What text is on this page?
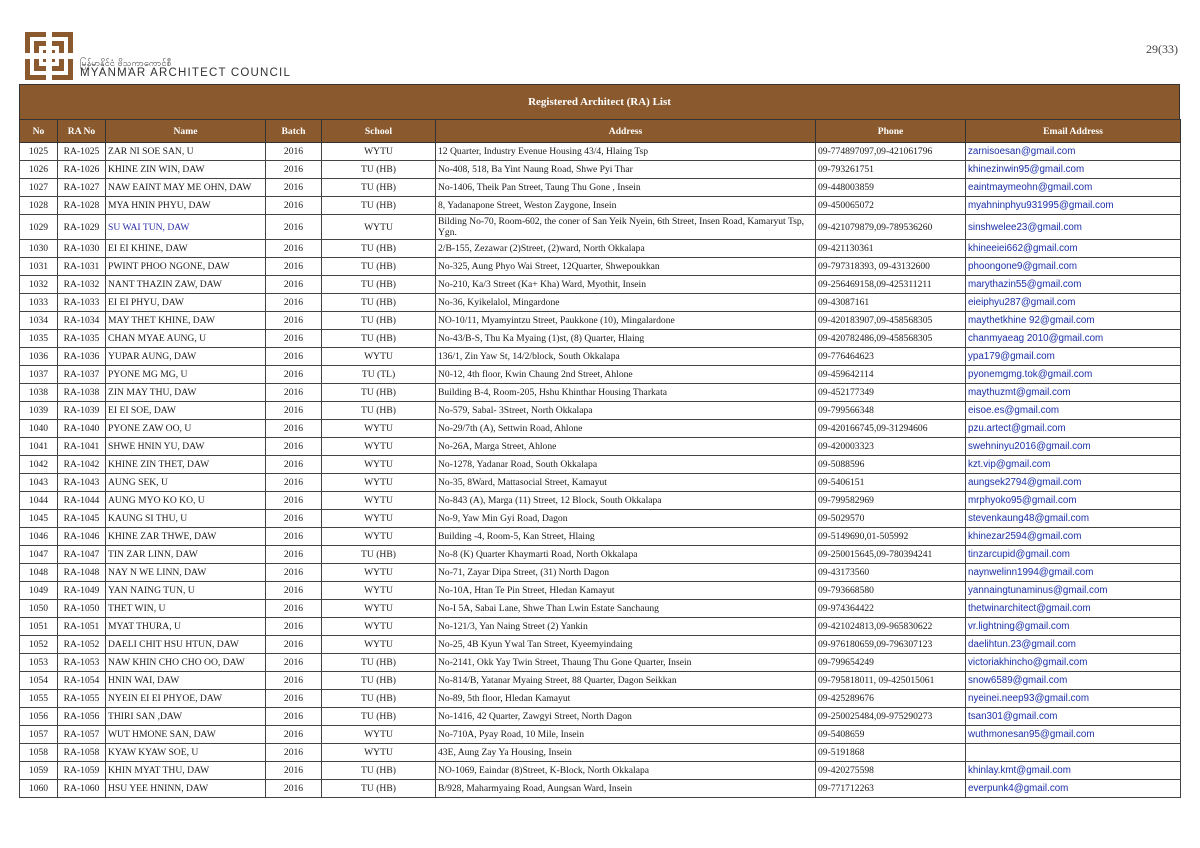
မြန်မာနိုင်ငံ ဗိသုကာကောင်စီ
MYANMAR ARCHITECT COUNCIL
29(33)
Registered Architect (RA) List
No	RA No	Name	Batch	School	Address	Phone	Email Address
1025	RA-1025	ZAR NI SOE SAN, U	2016	WYTU	12 Quarter, Industry Evenue Housing 43/4, Hlaing Tsp	09-774897097,09-421061796	zarnisoesan@gmail.com
1026	RA-1026	KHINE ZIN WIN, DAW	2016	TU (HB)	No-408, 518, Ba Yint Naung Road, Shwe Pyi Thar	09-793261751	khinezinwin95@gmail.com
1027	RA-1027	NAW EAINT MAY ME OHN, DAW	2016	TU (HB)	No-1406, Theik Pan Street, Taung Thu Gone , Insein	09-448003859	eaintmaymeohn@gmail.com
1028	RA-1028	MYA HNIN PHYU, DAW	2016	TU (HB)	8, Yadanapone Street, Weston Zaygone, Insein	09-450065072	myahninphyu931995@gmail.com
1029	RA-1029	SU WAI TUN, DAW	2016	WYTU	Bilding No-70, Room-602, the coner of San Yeik Nyein, 6th Street, Insen Road, Kamaryut Tsp, Ygn.	09-421079879,09-789536260	sinshwelee23@gmail.com
1030	RA-1030	EI EI KHINE, DAW	2016	TU (HB)	2/B-155, Zezawar (2)Street, (2)ward, North Okkalapa	09-421130361	khineeiei662@gmail.com
1031	RA-1031	PWINT PHOO NGONE, DAW	2016	TU (HB)	No-325, Aung Phyo Wai Street, 12Quarter, Shwepoukkan	09-797318393, 09-43132600	phoongone9@gmail.com
1032	RA-1032	NANT THAZIN ZAW, DAW	2016	TU (HB)	No-210, Ka/3 Street (Ka+ Kha) Ward, Myothit, Insein	09-256469158,09-425311211	marythazin55@gmail.com
1033	RA-1033	EI EI PHYU, DAW	2016	TU (HB)	No-36, Kyikelalol, Mingardone	09-43087161	eieiphyu287@gmail.com
1034	RA-1034	MAY THET KHINE, DAW	2016	TU (HB)	NO-10/11, Myamyintzu Street, Paukkone (10), Mingalardone	09-420183907,09-458568305	maythetkhine 92@gmail.com
1035	RA-1035	CHAN MYAE AUNG, U	2016	TU (HB)	No-43/B-S, Thu Ka Myaing (1)st, (8) Quarter, Hlaing	09-420782486,09-458568305	chanmyaeag 2010@gmail.com
1036	RA-1036	YUPAR AUNG, DAW	2016	WYTU	136/1, Zin Yaw St, 14/2/block, South Okkalapa	09-776464623	ypa179@gmail.com
1037	RA-1037	PYONE MG MG, U	2016	TU (TL)	N0-12, 4th floor, Kwin Chaung 2nd Street, Ahlone	09-459642114	pyonemgmg.tok@gmail.com
1038	RA-1038	ZIN MAY THU, DAW	2016	TU (HB)	Building B-4, Room-205, Hshu Khinthar Housing Tharkata	09-452177349	maythuzmt@gmail.com
1039	RA-1039	EI EI SOE, DAW	2016	TU (HB)	No-579, Sabal- 3Street, North Okkalapa	09-799566348	eisoe.es@gmail.com
1040	RA-1040	PYONE ZAW OO, U	2016	WYTU	No-29/7th (A), Settwin Road, Ahlone	09-420166745,09-31294606	pzu.artect@gmail.com
1041	RA-1041	SHWE HNIN YU, DAW	2016	WYTU	No-26A, Marga Street, Ahlone	09-420003323	swehninyu2016@gmail.com
1042	RA-1042	KHINE ZIN THET, DAW	2016	WYTU	No-1278, Yadanar Road, South Okkalapa	09-5088596	kzt.vip@gmail.com
1043	RA-1043	AUNG SEK, U	2016	WYTU	No-35, 8Ward, Mattasocial Street, Kamayut	09-5406151	aungsek2794@gmail.com
1044	RA-1044	AUNG MYO KO KO, U	2016	WYTU	No-843 (A), Marga (11) Street, 12 Block, South Okkalapa	09-799582969	mrphyoko95@gmail.com
1045	RA-1045	KAUNG SI THU, U	2016	WYTU	No-9, Yaw Min Gyi Road, Dagon	09-5029570	stevenkaung48@gmail.com
1046	RA-1046	KHINE ZAR THWE, DAW	2016	WYTU	Building -4, Room-5, Kan Street, Hlaing	09-5149690,01-505992	khinezar2594@gmail.com
1047	RA-1047	TIN ZAR LINN, DAW	2016	TU (HB)	No-8 (K) Quarter Khaymarti Road, North Okkalapa	09-250015645,09-780394241	tinzarcupid@gmail.com
1048	RA-1048	NAY N WE LINN, DAW	2016	WYTU	No-71, Zayar Dipa Street, (31) North Dagon	09-43173560	naynwelinn1994@gmail.com
1049	RA-1049	YAN NAING TUN, U	2016	WYTU	No-10A, Htan Te Pin Street, Hledan Kamayut	09-793668580	yannaingtunaminus@gmail.com
1050	RA-1050	THET WIN, U	2016	WYTU	No-I 5A, Sabai Lane, Shwe Than Lwin Estate Sanchaung	09-974364422	thetwinarchitect@gmail.com
1051	RA-1051	MYAT THURA, U	2016	WYTU	No-121/3, Yan Naing Street (2) Yankin	09-421024813,09-965830622	vr.lightning@gmail.com
1052	RA-1052	DAELI CHIT HSU HTUN, DAW	2016	WYTU	No-25, 4B Kyun Ywal Tan Street, Kyeemyindaing	09-976180659,09-796307123	daelihtun.23@gmail.com
1053	RA-1053	NAW KHIN CHO CHO OO, DAW	2016	TU (HB)	No-2141, Okk Yay Twin Street, Thaung Thu Gone Quarter, Insein	09-799654249	victoriakhincho@gmail.com
1054	RA-1054	HNIN WAI, DAW	2016	TU (HB)	No-814/B, Yatanar Myaing Street, 88 Quarter, Dagon Seikkan	09-795818011, 09-425015061	snow6589@gmail.com
1055	RA-1055	NYEIN EI EI PHYOE, DAW	2016	TU (HB)	No-89, 5th floor, Hledan Kamayut	09-425289676	nyeinei.neep93@gmail.com
1056	RA-1056	THIRI SAN ,DAW	2016	TU (HB)	No-1416, 42 Quarter, Zawgyi Street, North Dagon	09-250025484,09-975290273	tsan301@gmail.com
1057	RA-1057	WUT HMONE SAN, DAW	2016	WYTU	No-710A, Pyay Road, 10 Mile, Insein	09-5408659	wuthmonesan95@gmail.com
1058	RA-1058	KYAW KYAW SOE, U	2016	WYTU	43E, Aung Zay Ya Housing, Insein	09-5191868	
1059	RA-1059	KHIN MYAT THU, DAW	2016	TU (HB)	NO-1069, Eaindar (8)Street, K-Block, North Okkalapa	09-420275598	khinlay.kmt@gmail.com
1060	RA-1060	HSU YEE HNINN, DAW	2016	TU (HB)	B/928, Maharmyaing Road, Aungsan Ward, Insein	09-771712263	everpunk4@gmail.com
